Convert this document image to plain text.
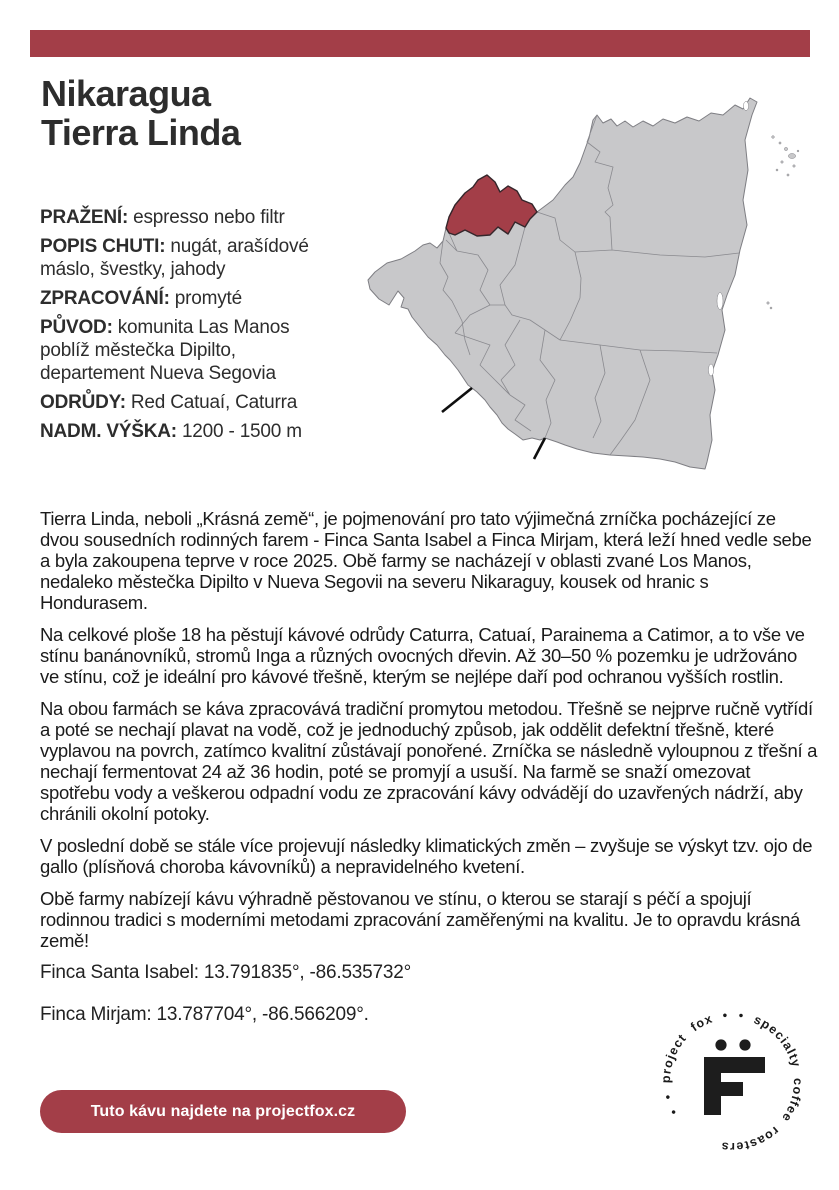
Nikaragua
Tierra Linda
PRAŽENÍ: espresso nebo filtr
POPIS CHUTI: nugát, arašídové máslo, švestky, jahody
ZPRACOVÁNÍ: promyté
PŮVOD: komunita Las Manos poblíž městečka Dipilto, departement Nueva Segovia
ODRŮDY: Red Catuaí, Caturra
NADM. VÝŠKA: 1200 - 1500 m

Tierra Linda, neboli „Krásná země“, je pojmenování pro tato výjimečná zrníčka pocházející ze dvou sousedních rodinných farem - Finca Santa Isabel a Finca Mirjam, která leží hned vedle sebe a byla zakoupena teprve v roce 2025. Obě farmy se nacházejí v oblasti zvané Los Manos, nedaleko městečka Dipilto v Nueva Segovii na severu Nikaraguy, kousek od hranic s Hondurasem.

Na celkové ploše 18 ha pěstují kávové odrůdy Caturra, Catuaí, Parainema a Catimor, a to vše ve stínu banánovníků, stromů Inga a různých ovocných dřevin. Až 30–50 % pozemku je udržováno ve stínu, což je ideální pro kávové třešně, kterým se nejlépe daří pod ochranou vyšších rostlin.

Na obou farmách se káva zpracovává tradiční promytou metodou. Třešně se nejprve ručně vytřídí a poté se nechají plavat na vodě, což je jednoduchý způsob, jak oddělit defektní třešně, které vyplavou na povrch, zatímco kvalitní zůstávají ponořené. Zrníčka se následně vyloupnou z třešní a nechají fermentovat 24 až 36 hodin, poté se promyjí a usuší. Na farmě se snaží omezovat spotřebu vody a veškerou odpadní vodu ze zpracování kávy odvádějí do uzavřených nádrží, aby chránili okolní potoky.

V poslední době se stále více projevují následky klimatických změn – zvyšuje se výskyt tzv. ojo de gallo (plísňová choroba kávovníků) a nepravidelného kvetení.

Obě farmy nabízejí kávu výhradně pěstovanou ve stínu, o kterou se starají s péčí a spojují rodinnou tradici s moderními metodami zpracování zaměřenými na kvalitu. Je to opravdu krásná země!

Finca Santa Isabel: 13.791835°, -86.535732°
Finca Mirjam: 13.787704°, -86.566209°.
Tuto kávu najdete na projectfox.cz	• • project fox • • specialty coffee roasters
